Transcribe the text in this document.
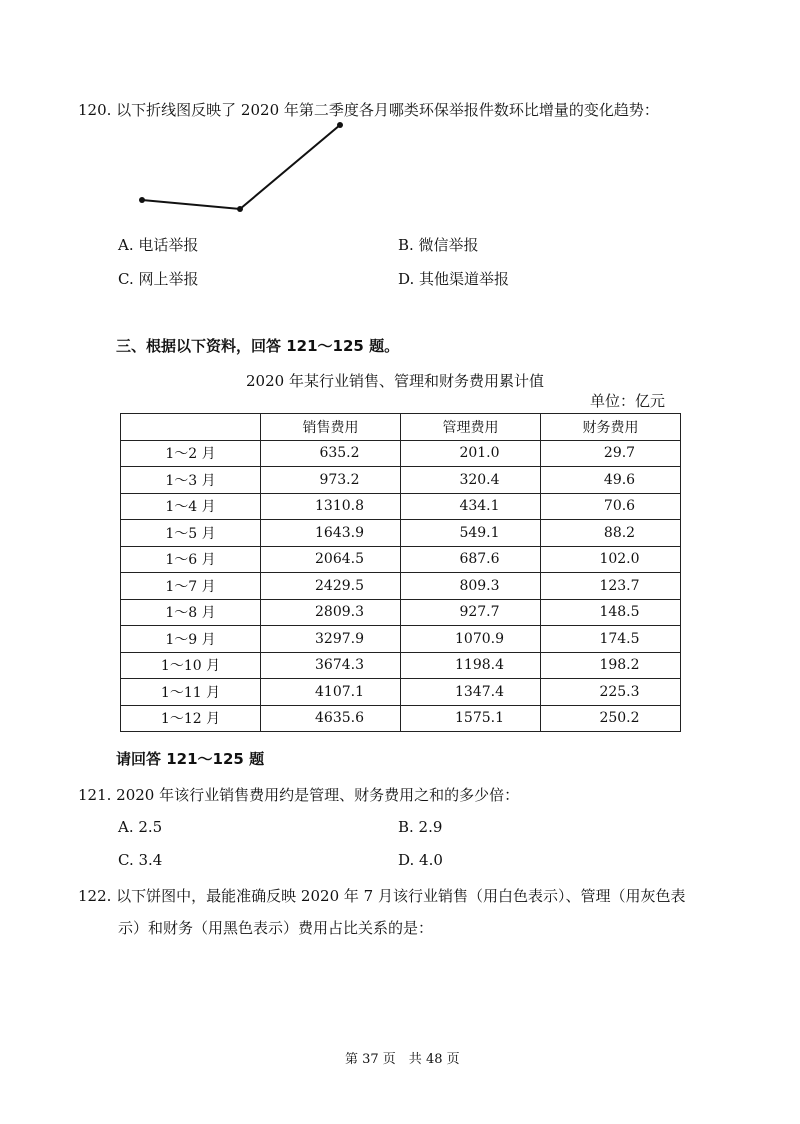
120. 以下折线图反映了 2020 年第二季度各月哪类环保举报件数环比增量的变化趋势：
A. 电话举报	B. 微信举报
C. 网上举报	D. 其他渠道举报
三、根据以下资料，回答 121～125 题。
2020 年某行业销售、管理和财务费用累计值
单位：亿元
	销售费用	管理费用	财务费用
1～2 月	635.2	201.0	29.7
1～3 月	973.2	320.4	49.6
1～4 月	1310.8	434.1	70.6
1～5 月	1643.9	549.1	88.2
1～6 月	2064.5	687.6	102.0
1～7 月	2429.5	809.3	123.7
1～8 月	2809.3	927.7	148.5
1～9 月	3297.9	1070.9	174.5
1～10 月	3674.3	1198.4	198.2
1～11 月	4107.1	1347.4	225.3
1～12 月	4635.6	1575.1	250.2
请回答 121～125 题
121. 2020 年该行业销售费用约是管理、财务费用之和的多少倍：
A. 2.5	B. 2.9
C. 3.4	D. 4.0
122. 以下饼图中，最能准确反映 2020 年 7 月该行业销售（用白色表示）、管理（用灰色表
示）和财务（用黑色表示）费用占比关系的是：
第 37 页　共 48 页
